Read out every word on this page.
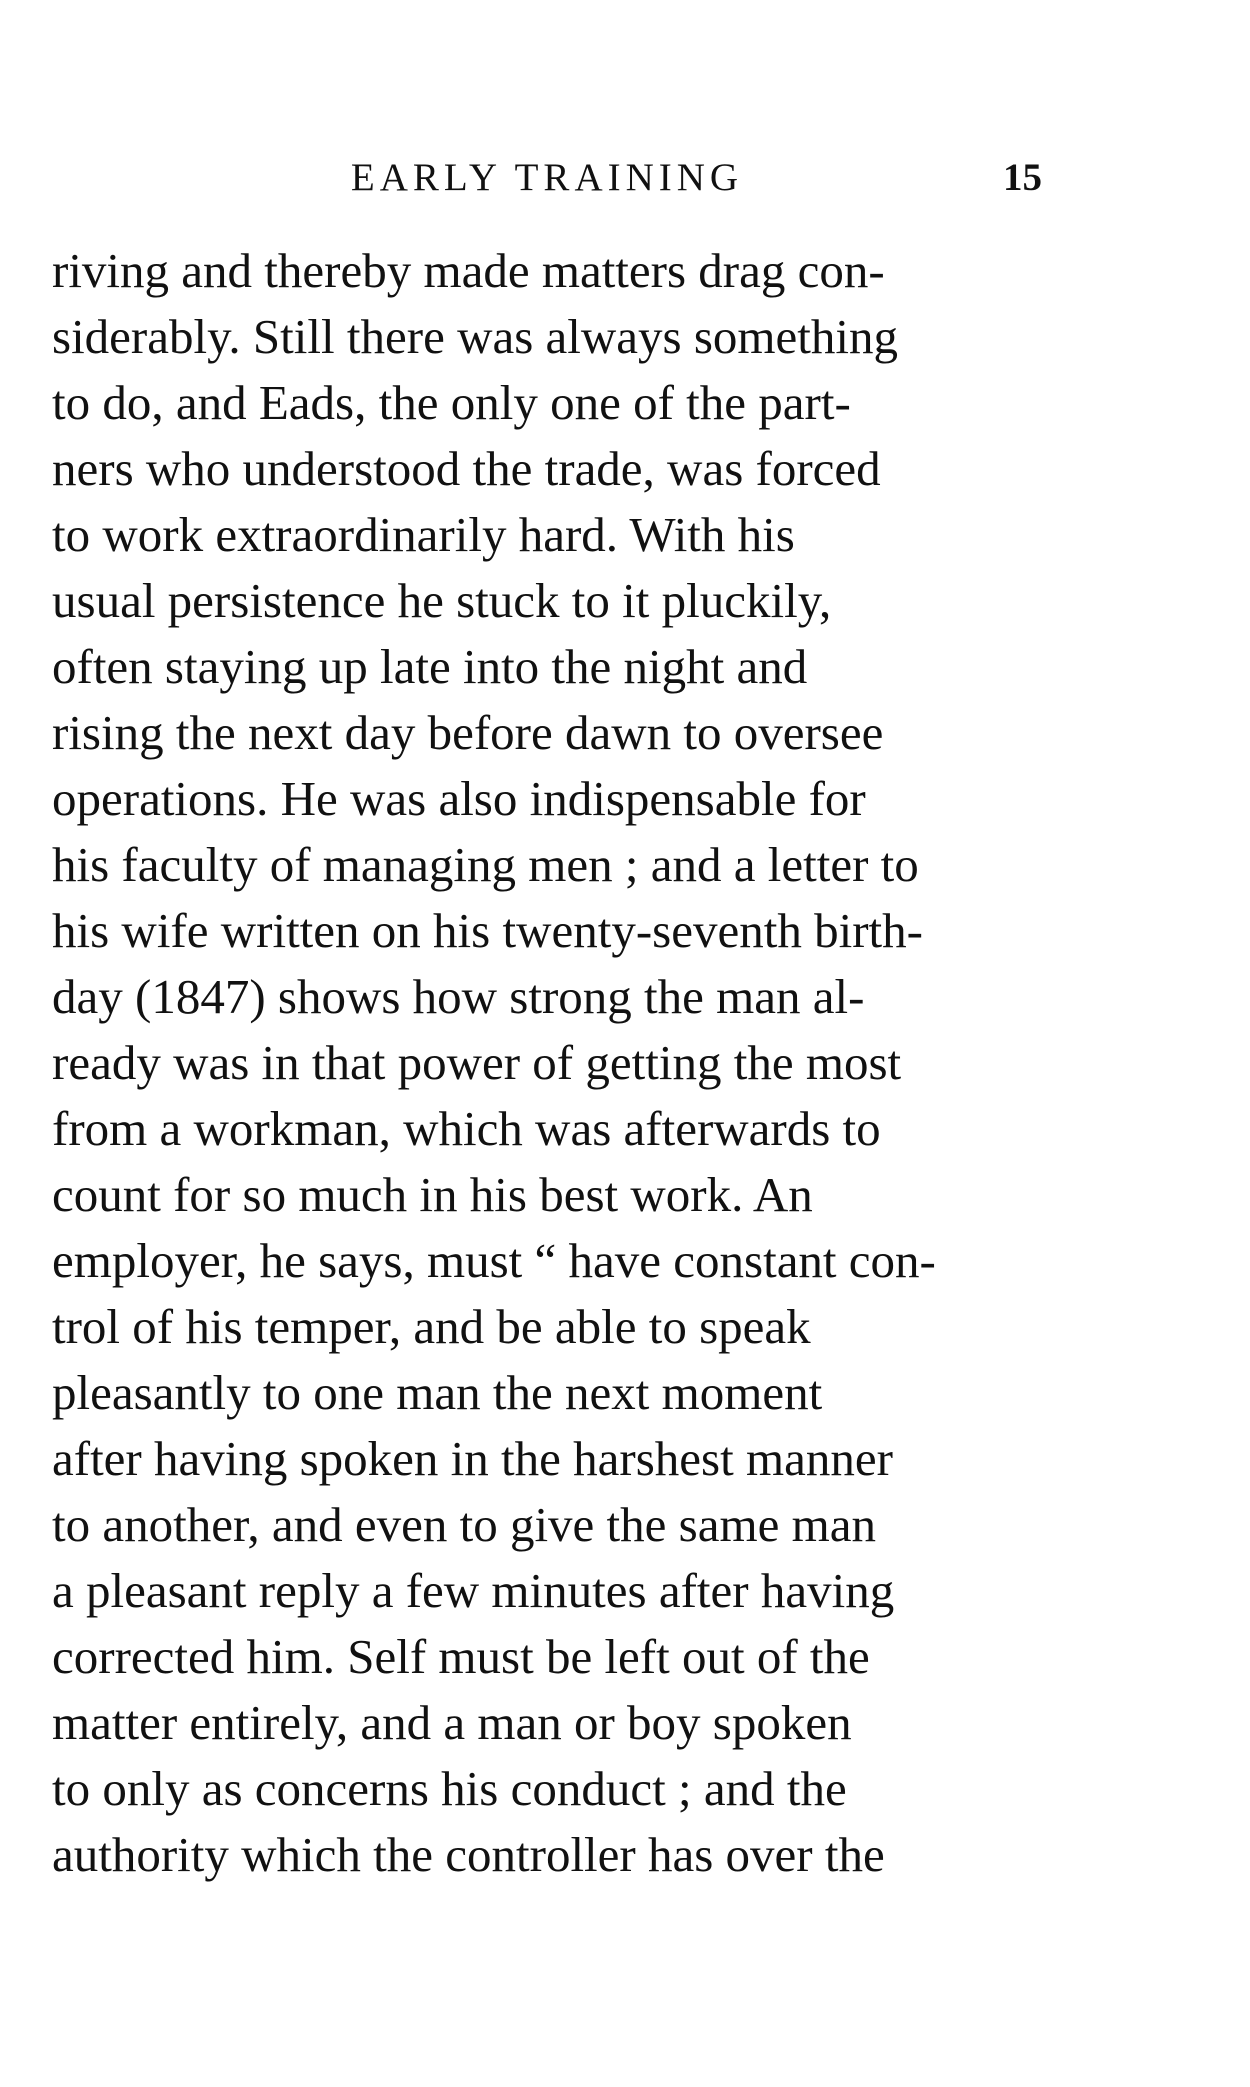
EARLY TRAINING	15
riving and thereby made matters drag con-
siderably. Still there was always something
to do, and Eads, the only one of the part-
ners who understood the trade, was forced
to work extraordinarily hard. With his
usual persistence he stuck to it pluckily,
often staying up late into the night and
rising the next day before dawn to oversee
operations. He was also indispensable for
his faculty of managing men ; and a letter to
his wife written on his twenty-seventh birth-
day (1847) shows how strong the man al-
ready was in that power of getting the most
from a workman, which was afterwards to
count for so much in his best work. An
employer, he says, must “ have constant con-
trol of his temper, and be able to speak
pleasantly to one man the next moment
after having spoken in the harshest manner
to another, and even to give the same man
a pleasant reply a few minutes after having
corrected him. Self must be left out of the
matter entirely, and a man or boy spoken
to only as concerns his conduct ; and the
authority which the controller has over the
